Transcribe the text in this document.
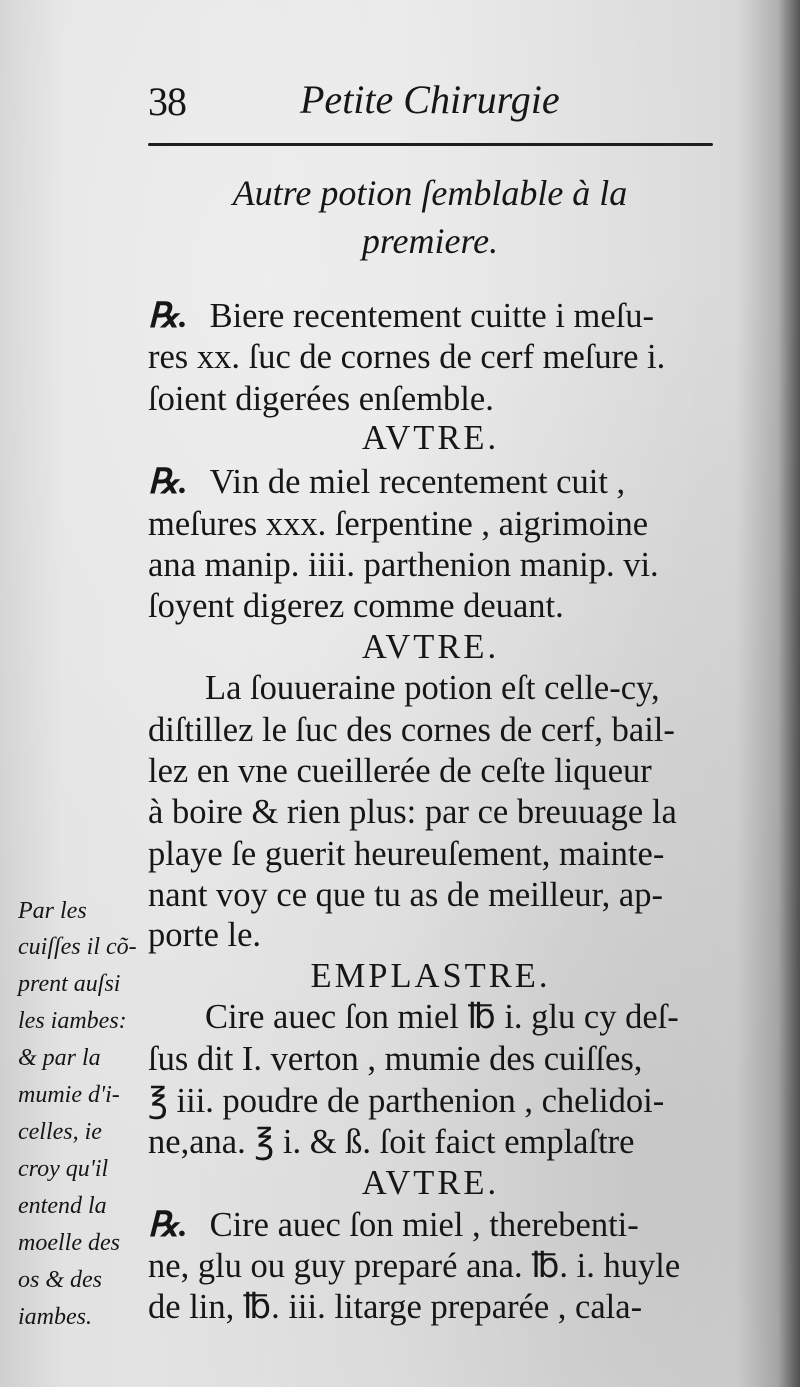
38	Petite Chirurgie
Autre potion ſemblable à la
premiere.
℞. Biere recentement cuitte i meſu-
res xx. ſuc de cornes de cerf meſure i.
ſoient digerées enſemble.
AVTRE.
℞. Vin de miel recentement cuit ,
meſures xxx. ſerpentine , aigrimoine
ana manip. iiii. parthenion manip. vi.
ſoyent digerez comme deuant.
AVTRE.
La ſouueraine potion eſt celle-cy,
diſtillez le ſuc des cornes de cerf, bail-
lez en vne cueillerée de ceſte liqueur
à boire & rien plus: par ce breuuage la
playe ſe guerit heureuſement, mainte-
nant voy ce que tu as de meilleur, ap-
porte le.
EMPLASTRE.
Cire auec ſon miel ℔ i. glu cy deſ-
ſus dit I. verton , mumie des cuiſſes,
℥ iii. poudre de parthenion , chelidoi-
ne,ana. ℥ i. & ß. ſoit faict emplaſtre
AVTRE.
℞. Cire auec ſon miel , therebenti-
ne, glu ou guy preparé ana. ℔. i. huyle
de lin, ℔. iii. litarge preparée , cala-
Par les
cuiſſes il cõ-
prent auſsi
les iambes:
& par la
mumie d'i-
celles, ie
croy qu'il
entend la
moelle des
os & des
iambes.
